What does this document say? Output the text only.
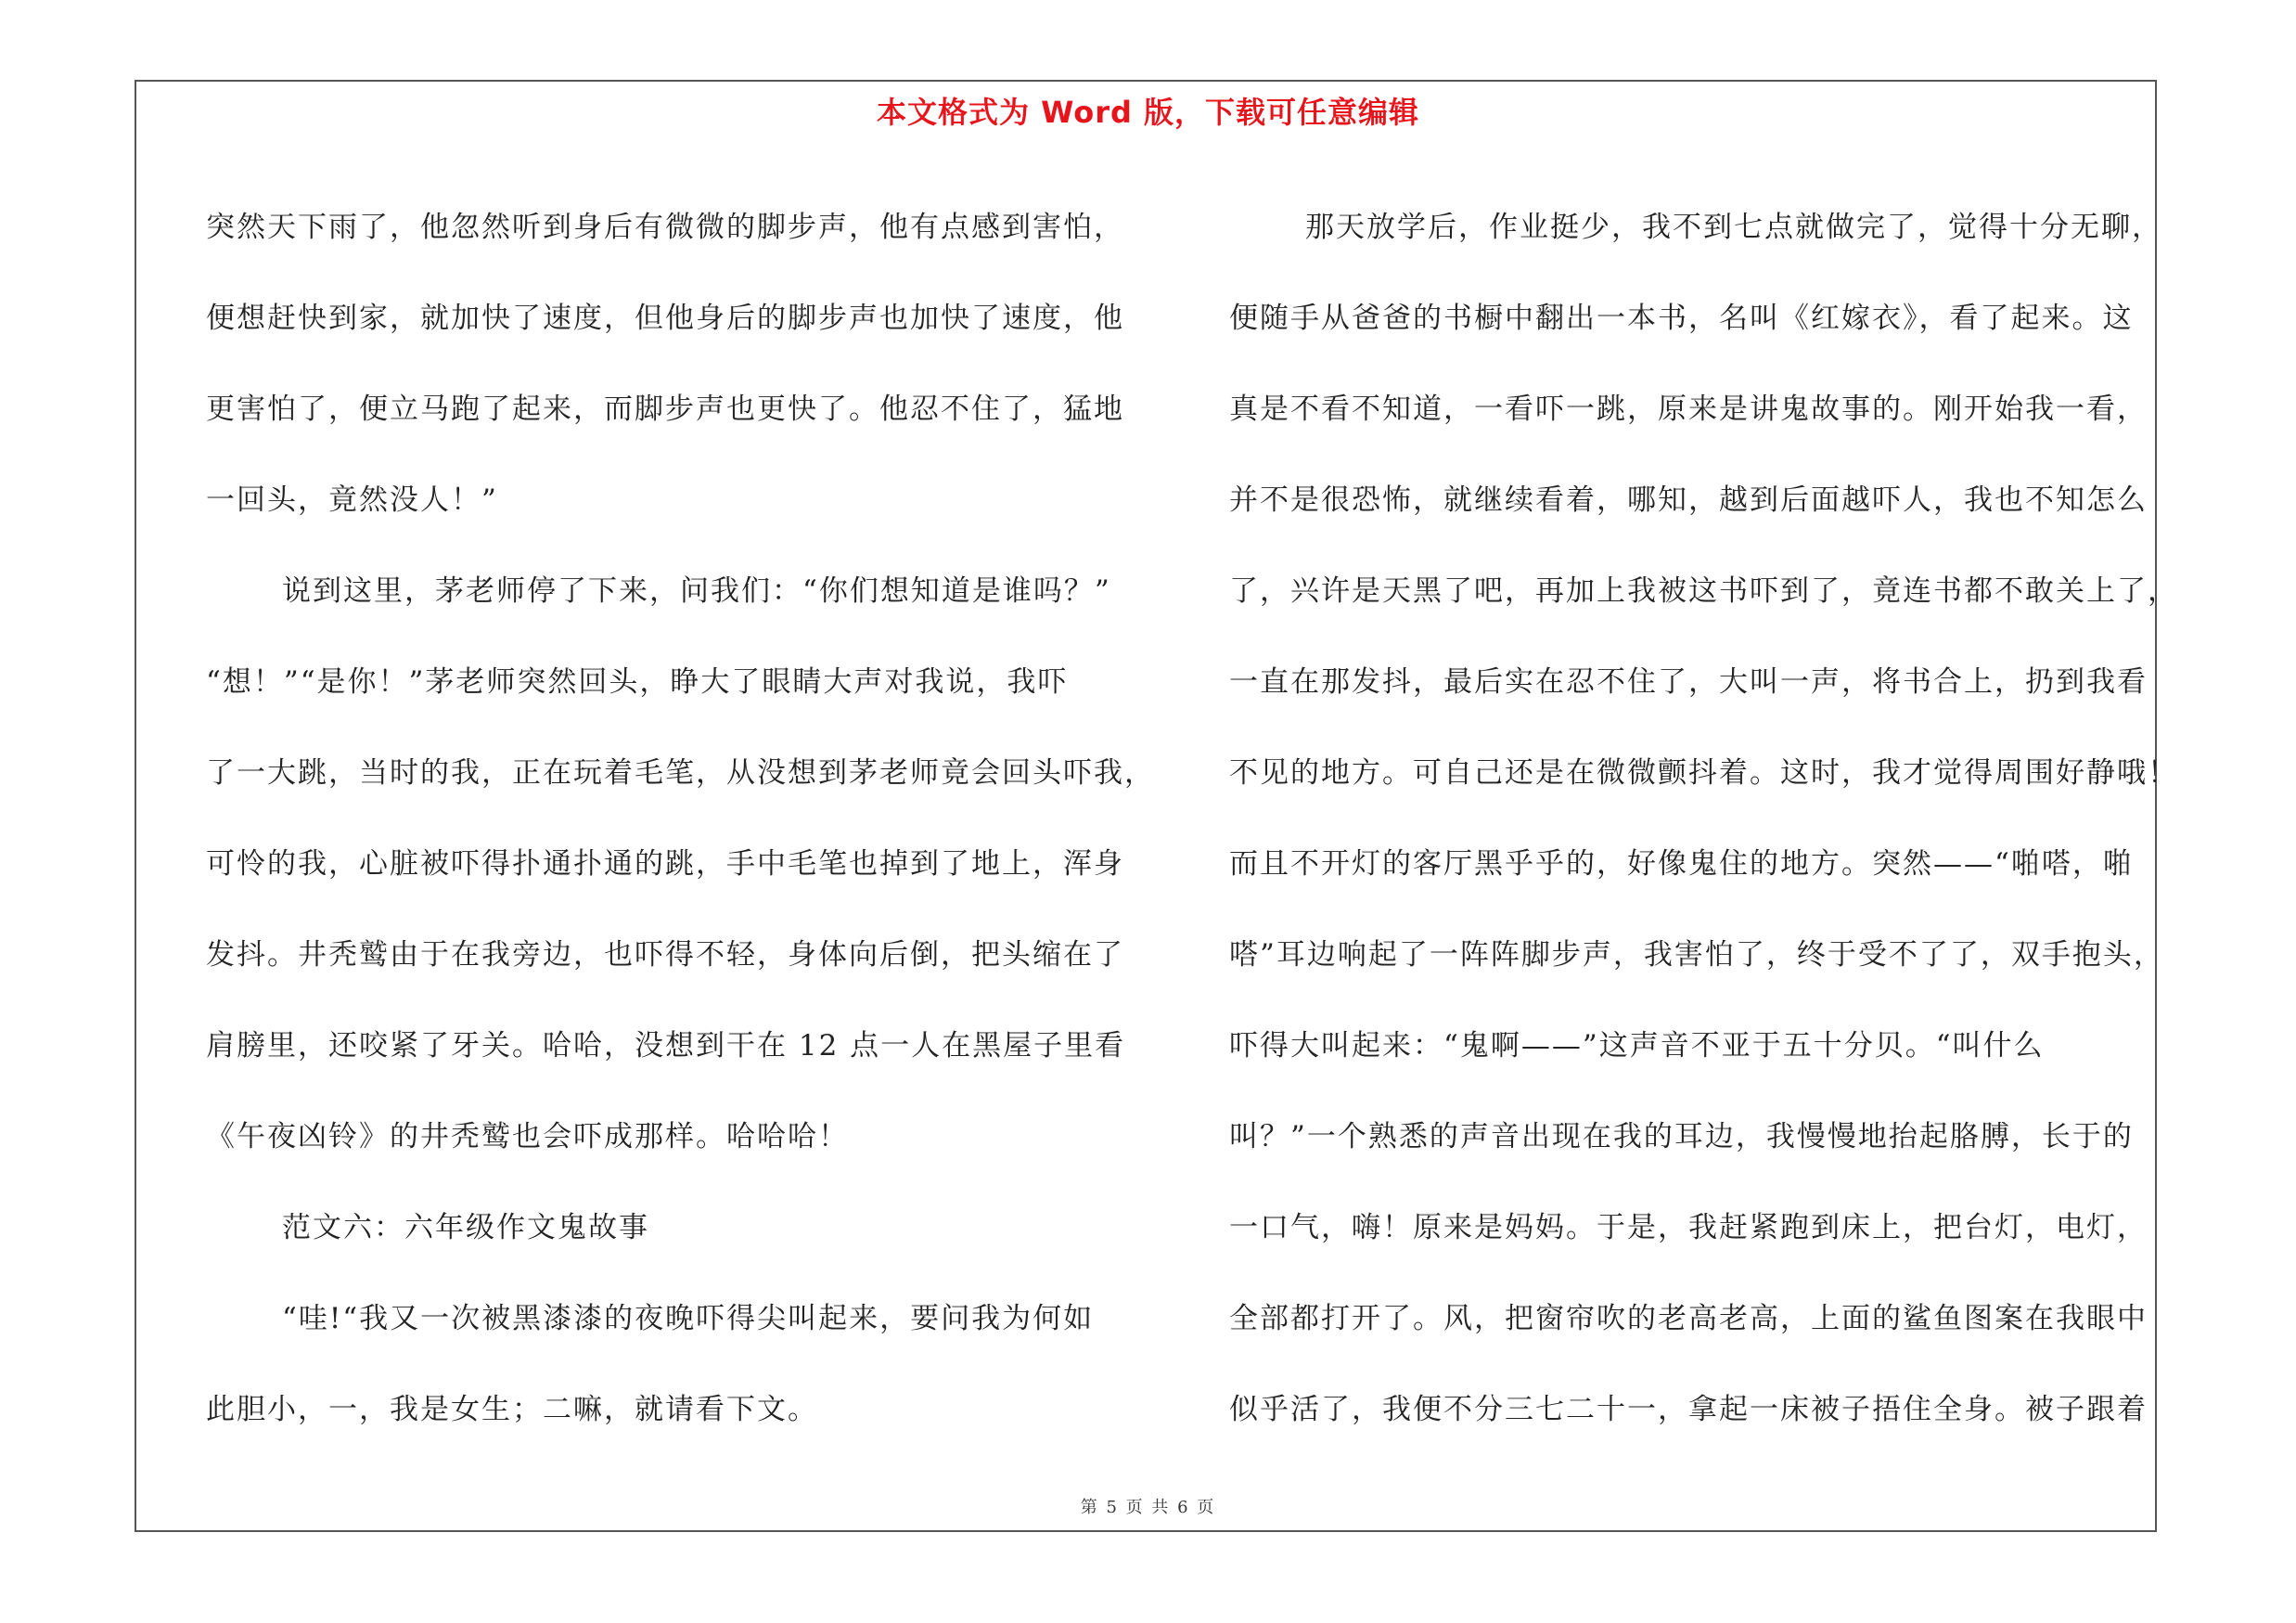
本文格式为 Word 版，下载可任意编辑
突然天下雨了，他忽然听到身后有微微的脚步声，他有点感到害怕，
便想赶快到家，就加快了速度，但他身后的脚步声也加快了速度，他
更害怕了，便立马跑了起来，而脚步声也更快了。他忍不住了，猛地
一回头，竟然没人！”
说到这里，茅老师停了下来，问我们：“你们想知道是谁吗？”
“想！”“是你！”茅老师突然回头，睁大了眼睛大声对我说，我吓
了一大跳，当时的我，正在玩着毛笔，从没想到茅老师竟会回头吓我，
可怜的我，心脏被吓得扑通扑通的跳，手中毛笔也掉到了地上，浑身
发抖。井秃鹫由于在我旁边，也吓得不轻，身体向后倒，把头缩在了
肩膀里，还咬紧了牙关。哈哈，没想到干在 12 点一人在黑屋子里看
《午夜凶铃》的井秃鹫也会吓成那样。哈哈哈！
范文六：六年级作文鬼故事
“哇!“我又一次被黑漆漆的夜晚吓得尖叫起来，要问我为何如
此胆小，一，我是女生；二嘛，就请看下文。
那天放学后，作业挺少，我不到七点就做完了，觉得十分无聊，
便随手从爸爸的书橱中翻出一本书，名叫《红嫁衣》，看了起来。这
真是不看不知道，一看吓一跳，原来是讲鬼故事的。刚开始我一看，
并不是很恐怖，就继续看着，哪知，越到后面越吓人，我也不知怎么
了，兴许是天黑了吧，再加上我被这书吓到了，竟连书都不敢关上了，
一直在那发抖，最后实在忍不住了，大叫一声，将书合上，扔到我看
不见的地方。可自己还是在微微颤抖着。这时，我才觉得周围好静哦！
而且不开灯的客厅黑乎乎的，好像鬼住的地方。突然——“啪嗒，啪
嗒”耳边响起了一阵阵脚步声，我害怕了，终于受不了了，双手抱头，
吓得大叫起来：“鬼啊——”这声音不亚于五十分贝。“叫什么
叫？”一个熟悉的声音出现在我的耳边，我慢慢地抬起胳膊，长于的
一口气，嗨！原来是妈妈。于是，我赶紧跑到床上，把台灯，电灯，
全部都打开了。风，把窗帘吹的老高老高，上面的鲨鱼图案在我眼中
似乎活了，我便不分三七二十一，拿起一床被子捂住全身。被子跟着
第 5 页 共 6 页
